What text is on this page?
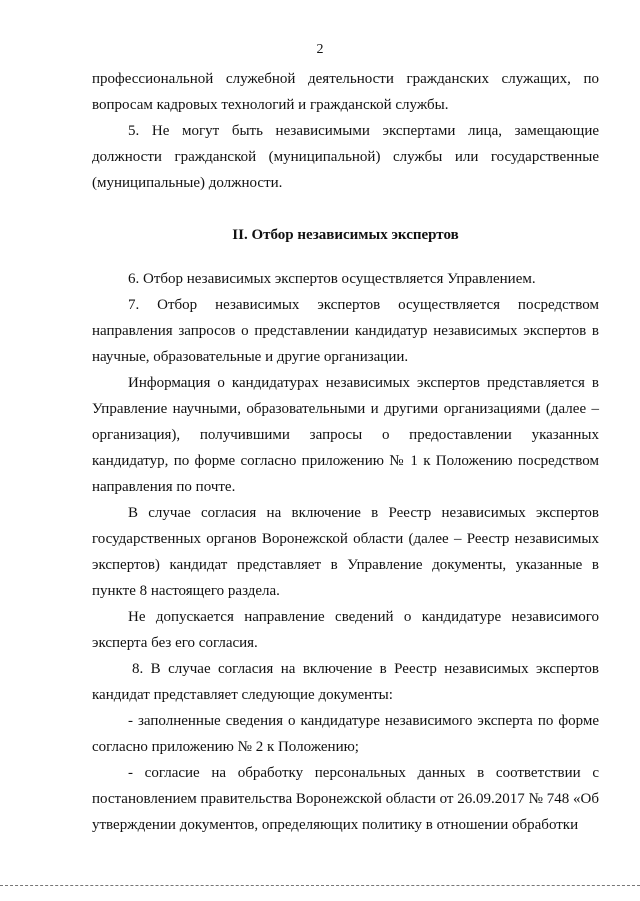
2

профессиональной служебной деятельности гражданских служащих, по вопросам кадровых технологий и гражданской службы.

5. Не могут быть независимыми экспертами лица, замещающие должности гражданской (муниципальной) службы или государственные (муниципальные) должности.

II. Отбор независимых экспертов

6. Отбор независимых экспертов осуществляется Управлением.

7. Отбор независимых экспертов осуществляется посредством направления запросов о представлении кандидатур независимых экспертов в научные, образовательные и другие организации.

Информация о кандидатурах независимых экспертов представляется в Управление научными, образовательными и другими организациями (далее – организация), получившими запросы о предоставлении указанных кандидатур, по форме согласно приложению № 1 к Положению посредством направления по почте.

В случае согласия на включение в Реестр независимых экспертов государственных органов Воронежской области (далее – Реестр независимых экспертов) кандидат представляет в Управление документы, указанные в пункте 8 настоящего раздела.

Не допускается направление сведений о кандидатуре независимого эксперта без его согласия.

8. В случае согласия на включение в Реестр независимых экспертов кандидат представляет следующие документы:

- заполненные сведения о кандидатуре независимого эксперта по форме согласно приложению № 2 к Положению;

- согласие на обработку персональных данных в соответствии с постановлением правительства Воронежской области от 26.09.2017 № 748 «Об утверждении документов, определяющих политику в отношении обработки
